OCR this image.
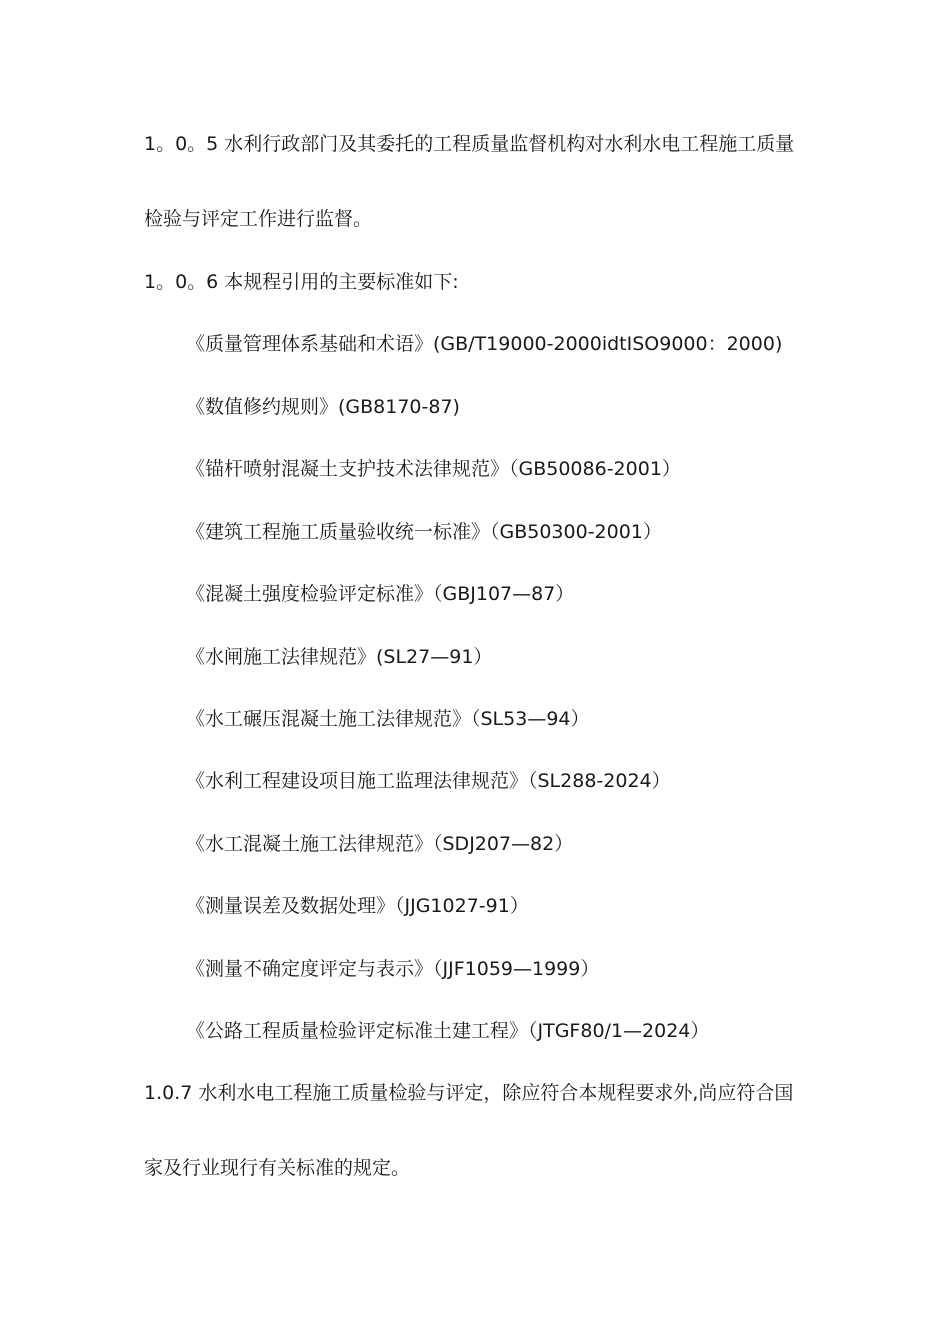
1。0。5 水利行政部门及其委托的工程质量监督机构对水利水电工程施工质量

检验与评定工作进行监督。

1。0。6 本规程引用的主要标准如下:

《质量管理体系基础和术语》(GB/T19000-2000idtISO9000：2000)

《数值修约规则》(GB8170-87)

《锚杆喷射混凝土支护技术法律规范》（GB50086-2001）

《建筑工程施工质量验收统一标准》（GB50300-2001）

《混凝土强度检验评定标准》（GBJ107—87）

《水闸施工法律规范》(SL27—91）

《水工碾压混凝土施工法律规范》（SL53—94）

《水利工程建设项目施工监理法律规范》（SL288-2024）

《水工混凝土施工法律规范》（SDJ207—82）

《测量误差及数据处理》（JJG1027-91）

《测量不确定度评定与表示》（JJF1059—1999）

《公路工程质量检验评定标准土建工程》（JTGF80/1—2024）

1.0.7 水利水电工程施工质量检验与评定，除应符合本规程要求外,尚应符合国

家及行业现行有关标准的规定。
